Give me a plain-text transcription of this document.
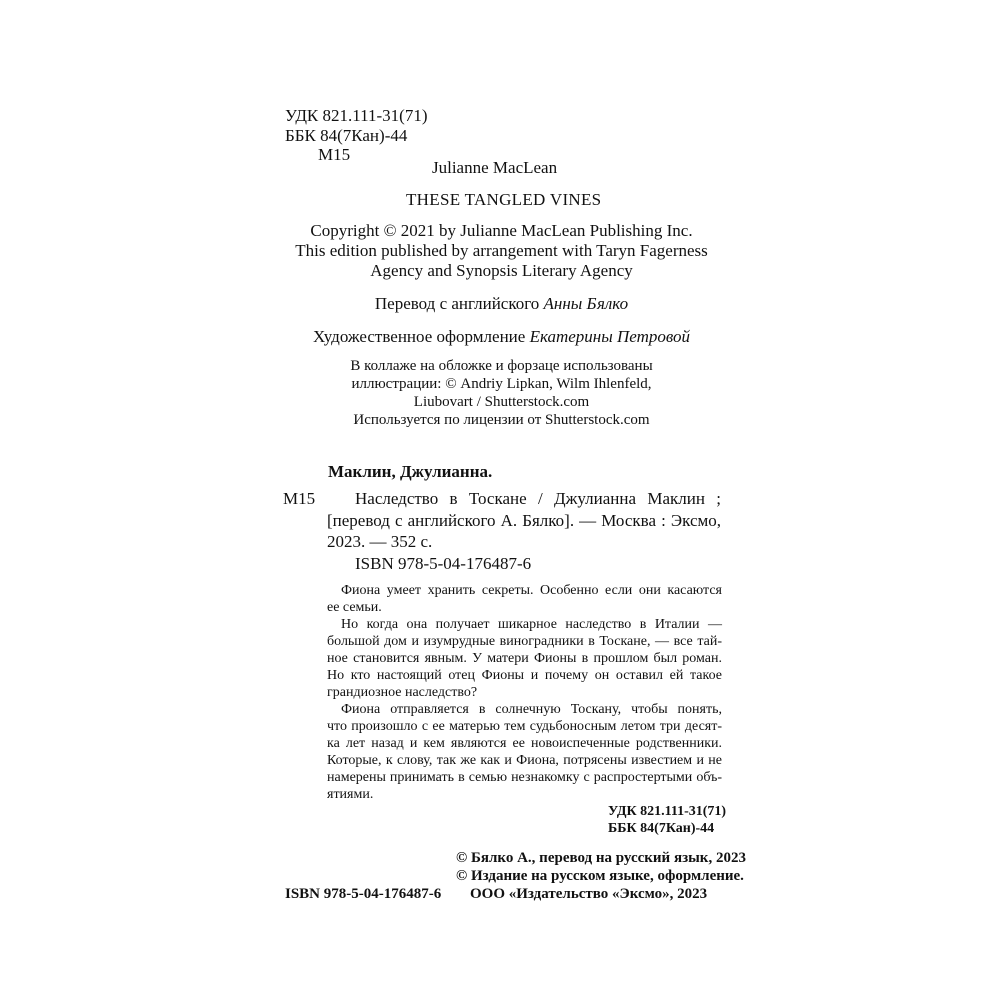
УДК 821.111-31(71)
ББК 84(7Кан)-44
М15
Julianne MacLean
THESE TANGLED VINES
Copyright © 2021 by Julianne MacLean Publishing Inc.
This edition published by arrangement with Taryn Fagerness
Agency and Synopsis Literary Agency
Перевод с английского Анны Бялко
Художественное оформление Екатерины Петровой
В коллаже на обложке и форзаце использованы
иллюстрации: © Andriy Lipkan, Wilm Ihlenfeld,
Liubovart / Shutterstock.com
Используется по лицензии от Shutterstock.com
Маклин, Джулианна.
М15 Наследство в Тоскане / Джулианна Маклин ;
[перевод с английского А. Бялко]. — Москва : Эксмо,
2023. — 352 с.
ISBN 978-5-04-176487-6
Фиона умеет хранить секреты. Особенно если они касаются
ее семьи.
Но когда она получает шикарное наследство в Италии —
большой дом и изумрудные виноградники в Тоскане, — все тай-
ное становится явным. У матери Фионы в прошлом был роман.
Но кто настоящий отец Фионы и почему он оставил ей такое
грандиозное наследство?
Фиона отправляется в солнечную Тоскану, чтобы понять,
что произошло с ее матерью тем судьбоносным летом три десят-
ка лет назад и кем являются ее новоиспеченные родственники.
Которые, к слову, так же как и Фиона, потрясены известием и не
намерены принимать в семью незнакомку с распростертыми объ-
ятиями.
УДК 821.111-31(71)
ББК 84(7Кан)-44
© Бялко А., перевод на русский язык, 2023
© Издание на русском языке, оформление.
ISBN 978-5-04-176487-6 ООО «Издательство «Эксмо», 2023
